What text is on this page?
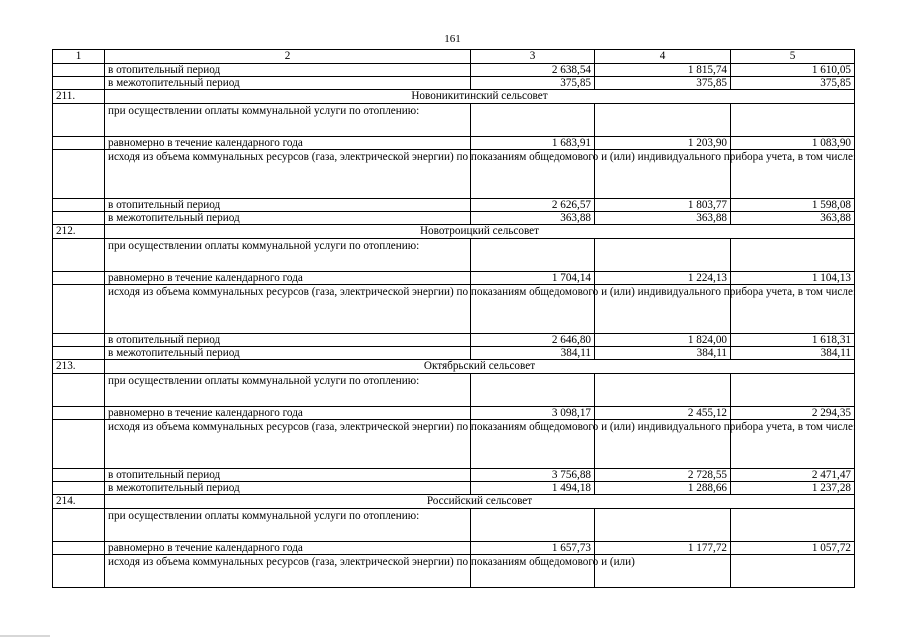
161
1	2	3	4	5
	в отопительный период	2 638,54	1 815,74	1 610,05
	в межотопительный период	375,85	375,85	375,85
211.	Новоникитинский сельсовет			
	при осуществлении оплаты коммунальной услуги по отоплению:			
	равномерно в течение календарного года	1 683,91	1 203,90	1 083,90
	исходя из объема коммунальных ресурсов (газа, электрической энергии) по показаниям общедомового и (или) индивидуального прибора учета, в том числе:			
	в отопительный период	2 626,57	1 803,77	1 598,08
	в межотопительный период	363,88	363,88	363,88
212.	Новотроицкий сельсовет			
	при осуществлении оплаты коммунальной услуги по отоплению:			
	равномерно в течение календарного года	1 704,14	1 224,13	1 104,13
	исходя из объема коммунальных ресурсов (газа, электрической энергии) по показаниям общедомового и (или) индивидуального прибора учета, в том числе:			
	в отопительный период	2 646,80	1 824,00	1 618,31
	в межотопительный период	384,11	384,11	384,11
213.	Октябрьский сельсовет			
	при осуществлении оплаты коммунальной услуги по отоплению:			
	равномерно в течение календарного года	3 098,17	2 455,12	2 294,35
	исходя из объема коммунальных ресурсов (газа, электрической энергии) по показаниям общедомового и (или) индивидуального прибора учета, в том числе:			
	в отопительный период	3 756,88	2 728,55	2 471,47
	в межотопительный период	1 494,18	1 288,66	1 237,28
214.	Российский сельсовет			
	при осуществлении оплаты коммунальной услуги по отоплению:			
	равномерно в течение календарного года	1 657,73	1 177,72	1 057,72
	исходя из объема коммунальных ресурсов (газа, электрической энергии) по показаниям общедомового и (или)			
